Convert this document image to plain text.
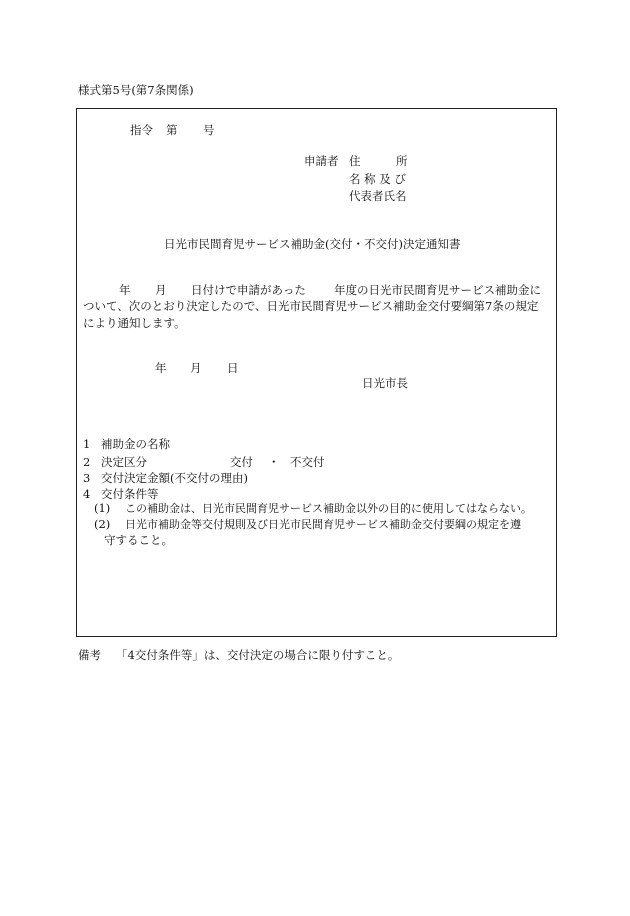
様式第5号(第7条関係)
指令 第 号
申請者 住	所
名 称 及 び
代表者氏名
日光市民間育児サービス補助金(交付・不交付)決定通知書
年 月 日付けで申請があった 年度の日光市民間育児サービス補助金に
ついて、次のとおり決定したので、日光市民間育児サービス補助金交付要綱第7条の規定
により通知します。
年 月 日
日光市長
1 補助金の名称
2 決定区分	交付 ・ 不交付
3 交付決定金額(不交付の理由)
4 交付条件等
(1) この補助金は、日光市民間育児サービス補助金以外の目的に使用してはならない。
(2) 日光市補助金等交付規則及び日光市民間育児サービス補助金交付要綱の規定を遵
守すること。
備考 「4交付条件等」は、交付決定の場合に限り付すこと。
